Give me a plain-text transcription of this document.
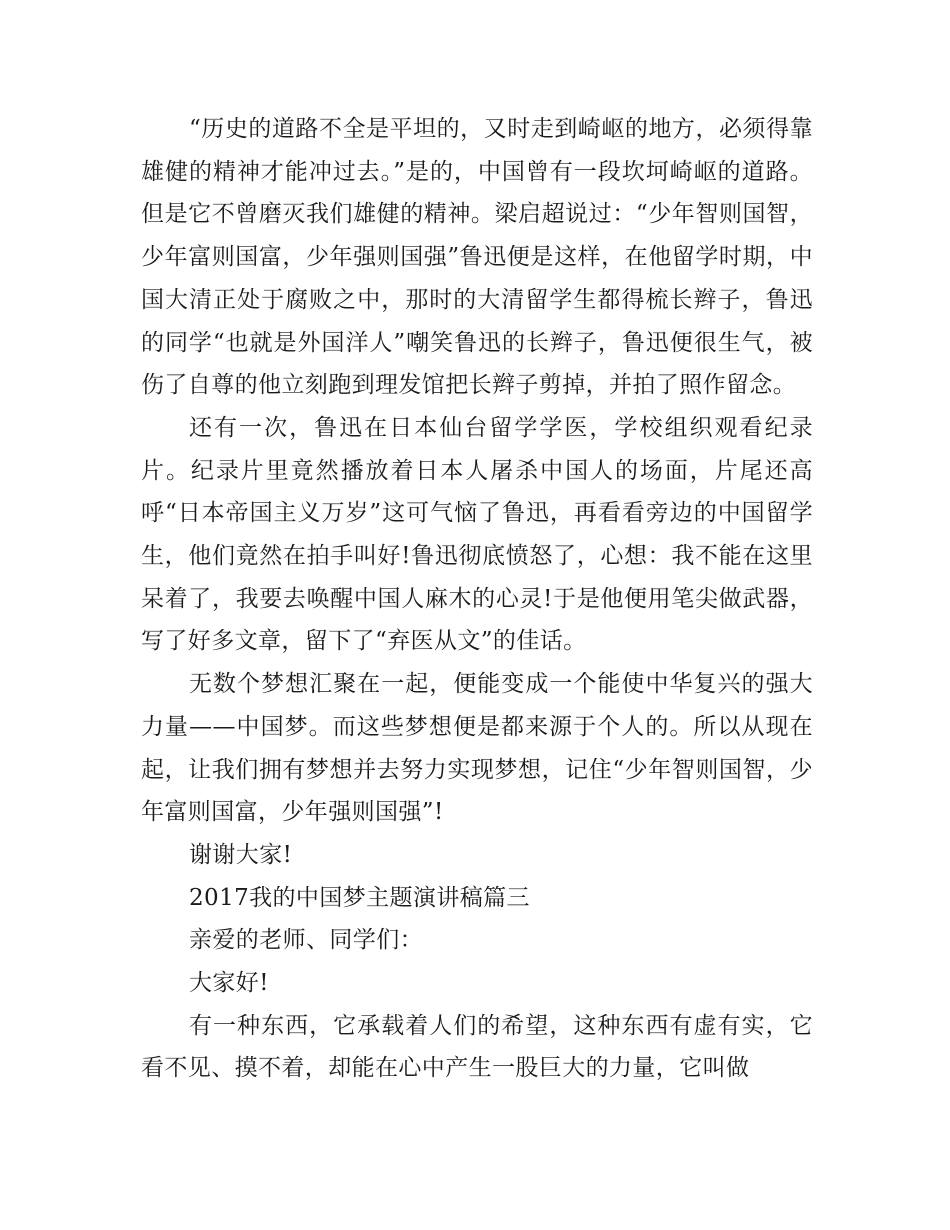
“历史的道路不全是平坦的，又时走到崎岖的地方，必须得靠雄健的精神才能冲过去。”是的，中国曾有一段坎坷崎岖的道路。但是它不曾磨灭我们雄健的精神。梁启超说过：“少年智则国智，少年富则国富，少年强则国强”鲁迅便是这样，在他留学时期，中国大清正处于腐败之中，那时的大清留学生都得梳长辫子，鲁迅的同学“也就是外国洋人”嘲笑鲁迅的长辫子，鲁迅便很生气，被伤了自尊的他立刻跑到理发馆把长辫子剪掉，并拍了照作留念。

还有一次，鲁迅在日本仙台留学学医，学校组织观看纪录片。纪录片里竟然播放着日本人屠杀中国人的场面，片尾还高呼“日本帝国主义万岁”这可气恼了鲁迅，再看看旁边的中国留学生，他们竟然在拍手叫好!鲁迅彻底愤怒了，心想：我不能在这里呆着了，我要去唤醒中国人麻木的心灵!于是他便用笔尖做武器，写了好多文章，留下了“弃医从文”的佳话。

无数个梦想汇聚在一起，便能变成一个能使中华复兴的强大力量——中国梦。而这些梦想便是都来源于个人的。所以从现在起，让我们拥有梦想并去努力实现梦想，记住“少年智则国智，少年富则国富，少年强则国强”!

谢谢大家!

2017我的中国梦主题演讲稿篇三

亲爱的老师、同学们：

大家好!

有一种东西，它承载着人们的希望，这种东西有虚有实，它看不见、摸不着，却能在心中产生一股巨大的力量，它叫做
